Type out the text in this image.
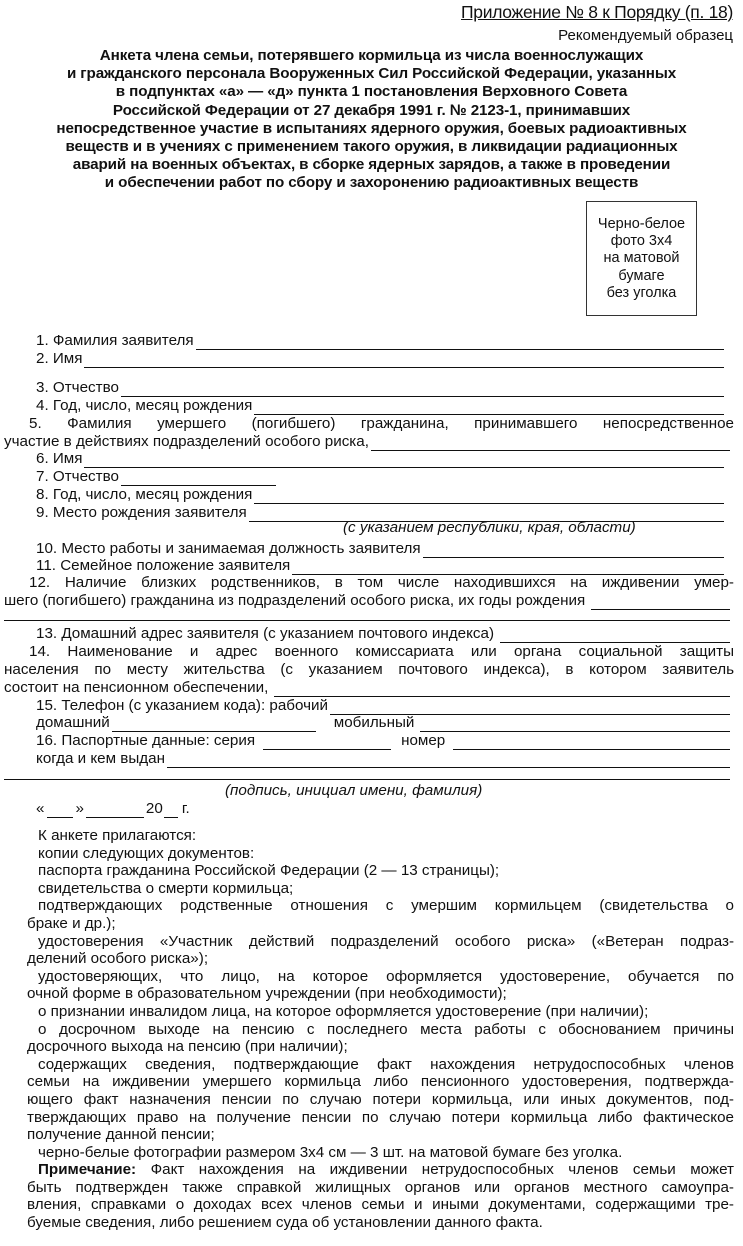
Приложение № 8 к Порядку (п. 18)
Рекомендуемый образец
Анкета члена семьи, потерявшего кормильца из числа военнослужащих
и гражданского персонала Вооруженных Сил Российской Федерации, указанных
в подпунктах «а» — «д» пункта 1 постановления Верховного Совета
Российской Федерации от 27 декабря 1991 г. № 2123-1, принимавших
непосредственное участие в испытаниях ядерного оружия, боевых радиоактивных
веществ и в учениях с применением такого оружия, в ликвидации радиационных
аварий на военных объектах, в сборке ядерных зарядов, а также в проведении
и обеспечении работ по сбору и захоронению радиоактивных веществ
Черно-белое
фото 3х4
на матовой
бумаге
без уголка
1. Фамилия заявителя
2. Имя
3. Отчество
4. Год, число, месяц рождения
5. Фамилия умершего (погибшего) гражданина, принимавшего непосредственное
участие в действиях подразделений особого риска,
6. Имя
7. Отчество
8. Год, число, месяц рождения
9. Место рождения заявителя
(с указанием республики, края, области)
10. Место работы и занимаемая должность заявителя
11. Семейное положение заявителя
12. Наличие близких родственников, в том числе находившихся на иждивении умер-
шего (погибшего) гражданина из подразделений особого риска, их годы рождения
13. Домашний адрес заявителя (с указанием почтового индекса)
14. Наименование и адрес военного комиссариата или органа социальной защиты
населения по месту жительства (с указанием почтового индекса), в котором заявитель
состоит на пенсионном обеспечении,
15. Телефон (с указанием кода): рабочий
домашний	мобильный
16. Паспортные данные: серия	номер
когда и кем выдан
(подпись, инициал имени, фамилия)
« »	20 г.

К анкете прилагаются:

копии следующих документов:

паспорта гражданина Российской Федерации (2 — 13 страницы);

свидетельства о смерти кормильца;

подтверждающих родственные отношения с умершим кормильцем (свидетельства о

браке и др.);

удостоверения «Участник действий подразделений особого риска» («Ветеран подраз-

делений особого риска»);

удостоверяющих, что лицо, на которое оформляется удостоверение, обучается по

очной форме в образовательном учреждении (при необходимости);

о признании инвалидом лица, на которое оформляется удостоверение (при наличии);

о досрочном выходе на пенсию с последнего места работы с обоснованием причины

досрочного выхода на пенсию (при наличии);

содержащих сведения, подтверждающие факт нахождения нетрудоспособных членов

семьи на иждивении умершего кормильца либо пенсионного удостоверения, подтвержда-

ющего факт назначения пенсии по случаю потери кормильца, или иных документов, под-

тверждающих право на получение пенсии по случаю потери кормильца либо фактическое

получение данной пенсии;

черно-белые фотографии размером 3х4 см — 3 шт. на матовой бумаге без уголка.

Примечание: Факт нахождения на иждивении нетрудоспособных членов семьи может

быть подтвержден также справкой жилищных органов или органов местного самоупра-

вления, справками о доходах всех членов семьи и иными документами, содержащими тре-

буемые сведения, либо решением суда об установлении данного факта.
